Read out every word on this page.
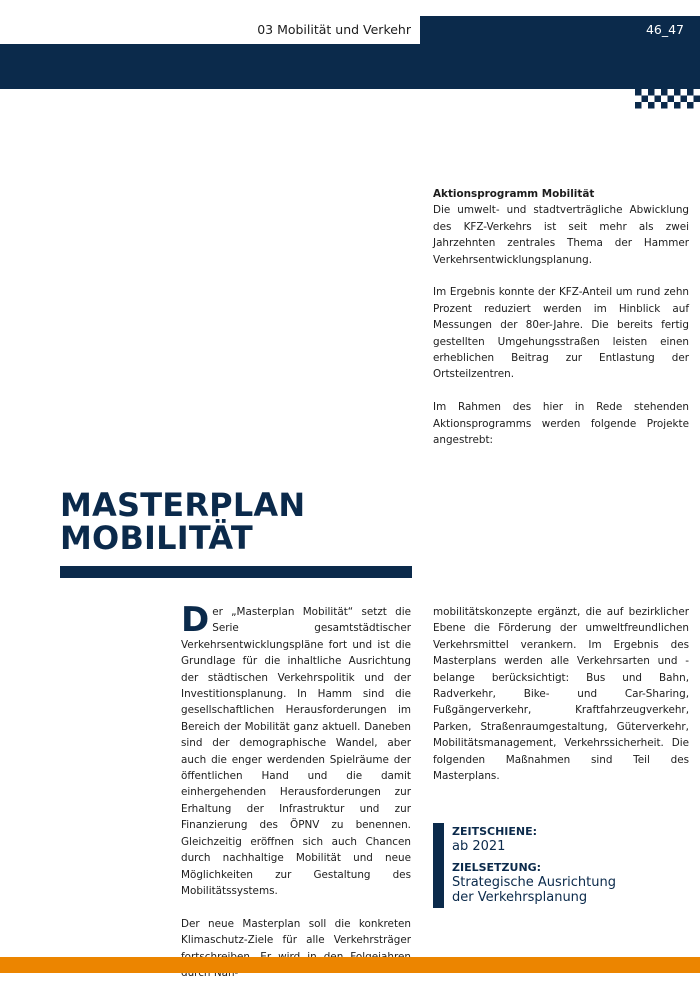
03 Mobilität und Verkehr	46_47
Aktionsprogramm Mobilität

Die umwelt- und stadtverträgliche Abwicklung des KFZ-Verkehrs ist seit mehr als zwei Jahrzehnten zentrales Thema der Hammer Verkehrsentwicklungsplanung.

Im Ergebnis konnte der KFZ-Anteil um rund zehn Prozent reduziert werden im Hinblick auf Messungen der 80er-Jahre. Die bereits fertig gestellten Umgehungsstraßen leisten einen erheblichen Beitrag zur Entlastung der Ortsteilzentren.

Im Rahmen des hier in Rede stehenden Aktionsprogramms werden folgende Projekte angestrebt:

MASTERPLAN
MOBILITÄT

Der „Masterplan Mobilität“ setzt die Serie gesamtstädtischer Verkehrsentwicklungspläne fort und ist die Grundlage für die inhaltliche Ausrichtung der städtischen Verkehrspolitik und der Investitionsplanung. In Hamm sind die gesellschaftlichen Herausforderungen im Bereich der Mobilität ganz aktuell. Daneben sind der demographische Wandel, aber auch die enger werdenden Spielräume der öffentlichen Hand und die damit einhergehenden Herausforderungen zur Erhaltung der Infrastruktur und zur Finanzierung des ÖPNV zu benennen. Gleichzeitig eröffnen sich auch Chancen durch nachhaltige Mobilität und neue Möglichkeiten zur Gestaltung des Mobilitätssystems.

Der neue Masterplan soll die konkreten Klimaschutz-Ziele für alle Verkehrsträger

mobilitätskonzepte ergänzt, die auf bezirklicher Ebene die Förderung der umweltfreundlichen Verkehrsmittel verankern. Im Ergebnis des Masterplans werden alle Verkehrsarten und -belange berücksichtigt: Bus und Bahn, Radverkehr, Bike- und Car-Sharing, Fußgängerverkehr, Kraftfahrzeugverkehr, Parken, Straßenraumgestaltung, Güterverkehr, Mobilitätsmanagement, Verkehrssicherheit. Die folgenden Maßnahmen sind Teil des Masterplans.

ZEITSCHIENE:
ab 2021
ZIELSETZUNG:
Strategische Ausrichtung
der Verkehrsplanung
